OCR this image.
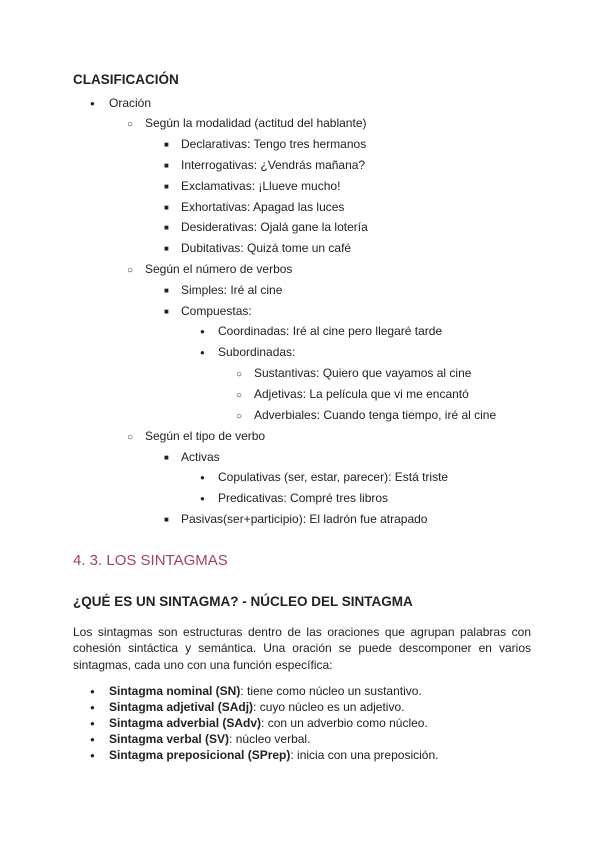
CLASIFICACIÓN
●
Oración
○
Según la modalidad (actitud del hablante)
■
Declarativas: Tengo tres hermanos
■
Interrogativas: ¿Vendrás mañana?
■
Exclamativas: ¡Llueve mucho!
■
Exhortativas: Apagad las luces
■
Desiderativas: Ojalá gane la lotería
■
Dubitativas: Quizá tome un café
○
Según el número de verbos
■
Simples: Iré al cine
■
Compuestas:
●
Coordinadas: Iré al cine pero llegaré tarde
●
Subordinadas:
○
Sustantivas: Quiero que vayamos al cine
○
Adjetivas: La película que vi me encantó
○
Adverbiales: Cuando tenga tiempo, iré al cine
○
Según el tipo de verbo
■
Activas
●
Copulativas (ser, estar, parecer): Está triste
●
Predicativas: Compré tres libros
■
Pasivas(ser+participio): El ladrón fue atrapado
4. 3. LOS SINTAGMAS
¿QUÉ ES UN SINTAGMA? - NÚCLEO DEL SINTAGMA
Los sintagmas son estructuras dentro de las oraciones que agrupan palabras con cohesión sintáctica y semántica. Una oración se puede descomponer en varios sintagmas, cada uno con una función específica:
●
Sintagma nominal (SN): tiene como núcleo un sustantivo.
●
Sintagma adjetival (SAdj): cuyo núcleo es un adjetivo.
●
Sintagma adverbial (SAdv): con un adverbio como núcleo.
●
Sintagma verbal (SV): núcleo verbal.
●
Sintagma preposicional (SPrep): inicia con una preposición.
